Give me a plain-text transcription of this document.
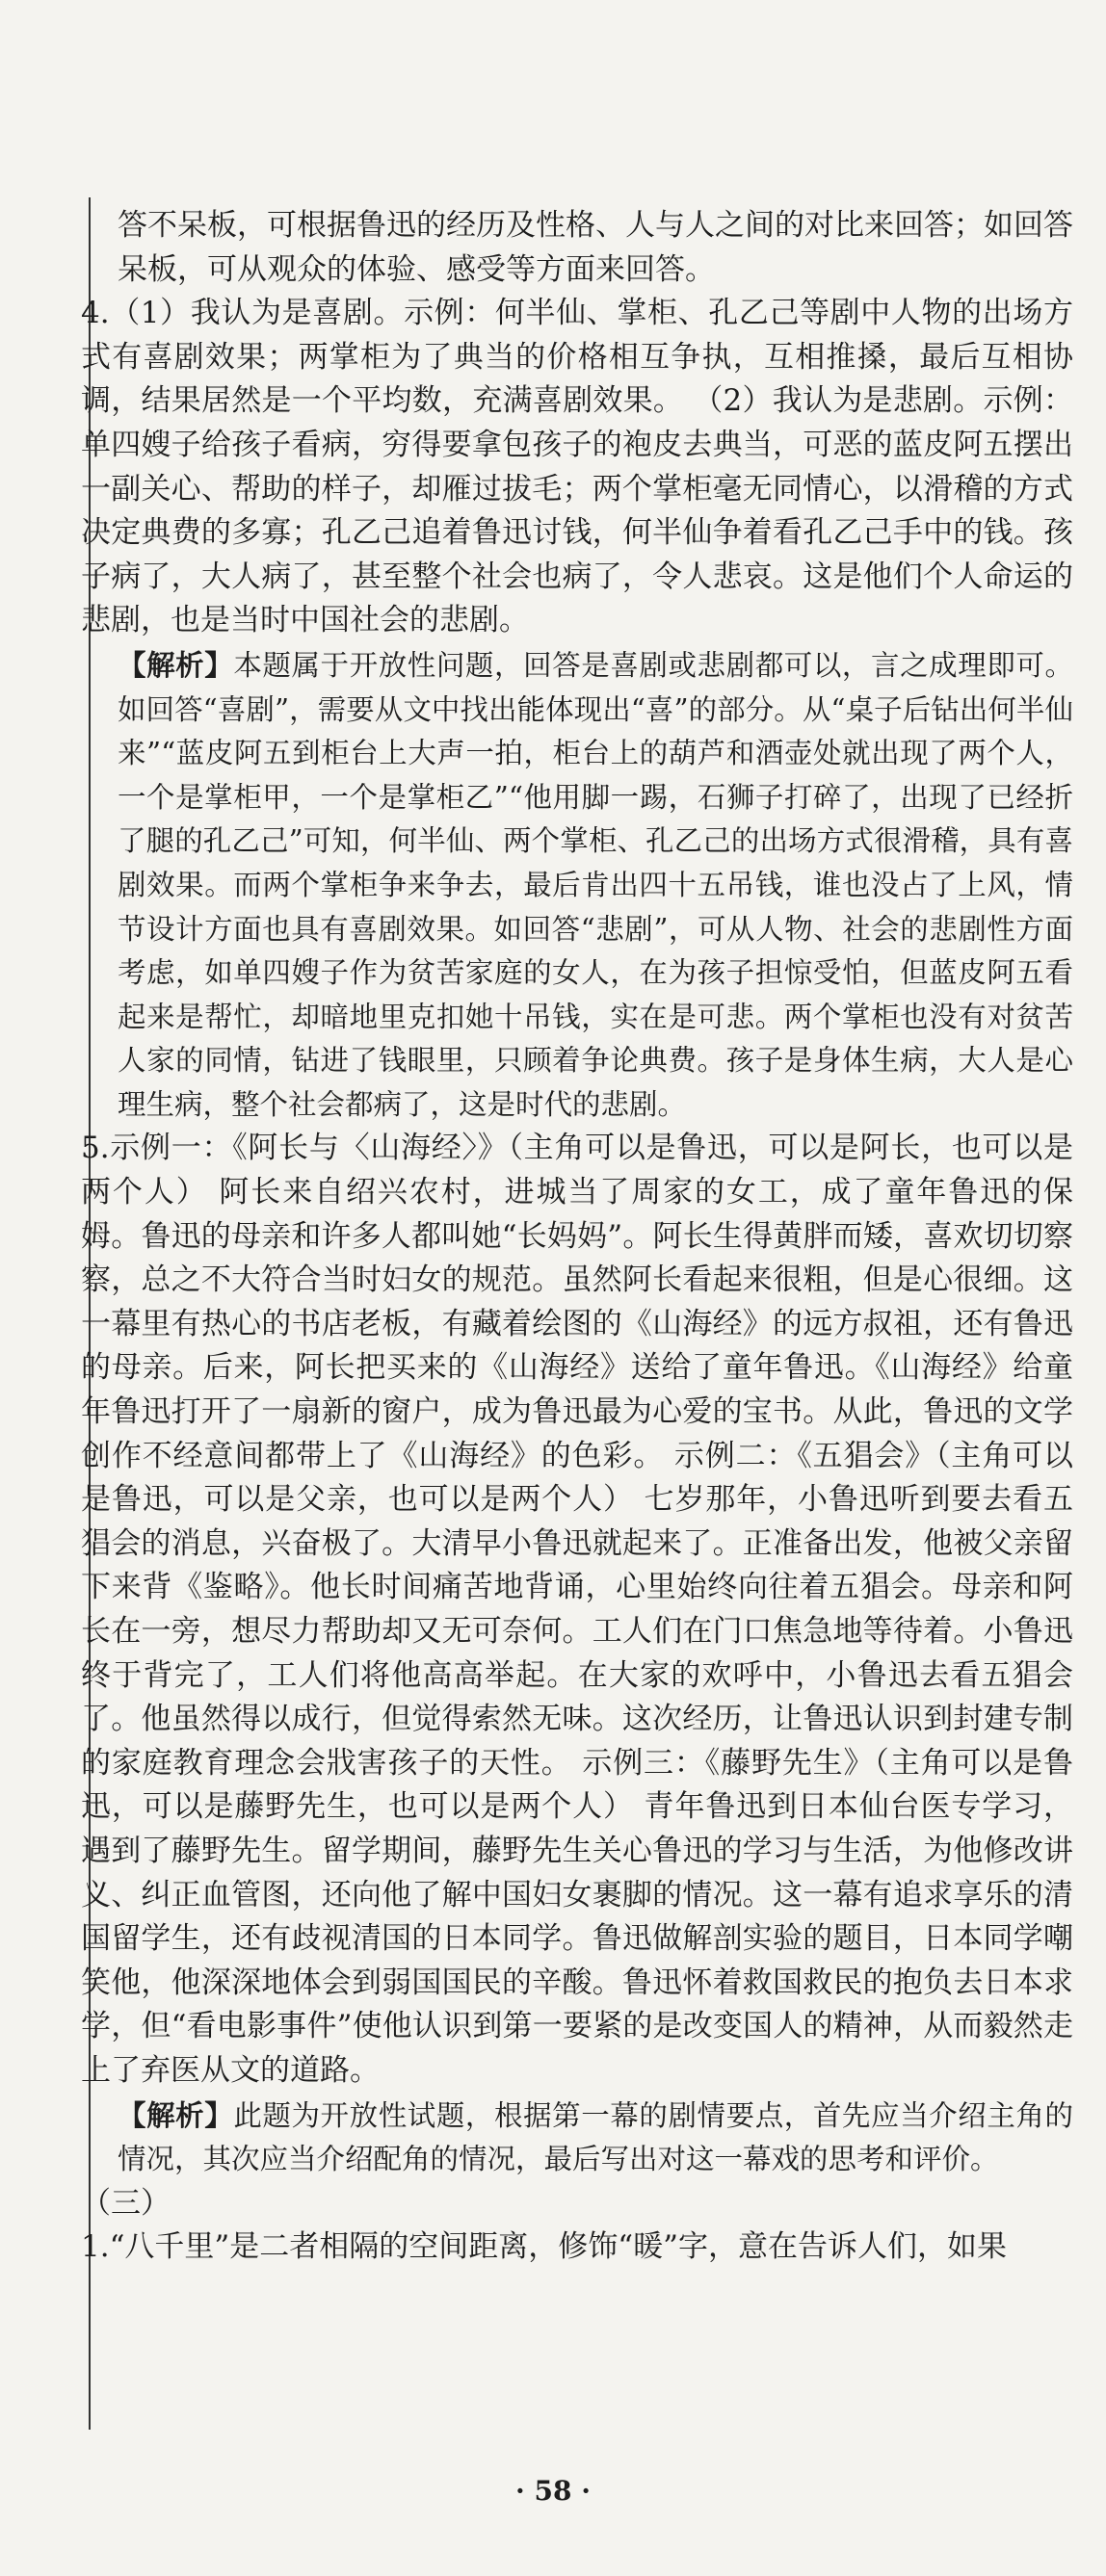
答不呆板，可根据鲁迅的经历及性格、人与人之间的对比来回答；如回答呆板，可从观众的体验、感受等方面来回答。

4.（1）我认为是喜剧。示例：何半仙、掌柜、孔乙己等剧中人物的出场方式有喜剧效果；两掌柜为了典当的价格相互争执，互相推搡，最后互相协调，结果居然是一个平均数，充满喜剧效果。 （2）我认为是悲剧。示例：单四嫂子给孩子看病，穷得要拿包孩子的袍皮去典当，可恶的蓝皮阿五摆出一副关心、帮助的样子，却雁过拔毛；两个掌柜毫无同情心，以滑稽的方式决定典费的多寡；孔乙己追着鲁迅讨钱，何半仙争着看孔乙己手中的钱。孩子病了，大人病了，甚至整个社会也病了，令人悲哀。这是他们个人命运的悲剧，也是当时中国社会的悲剧。

【解析】本题属于开放性问题，回答是喜剧或悲剧都可以，言之成理即可。如回答“喜剧”，需要从文中找出能体现出“喜”的部分。从“桌子后钻出何半仙来”“蓝皮阿五到柜台上大声一拍，柜台上的葫芦和酒壶处就出现了两个人，一个是掌柜甲，一个是掌柜乙”“他用脚一踢，石狮子打碎了，出现了已经折了腿的孔乙己”可知，何半仙、两个掌柜、孔乙己的出场方式很滑稽，具有喜剧效果。而两个掌柜争来争去，最后肯出四十五吊钱，谁也没占了上风，情节设计方面也具有喜剧效果。如回答“悲剧”，可从人物、社会的悲剧性方面考虑，如单四嫂子作为贫苦家庭的女人，在为孩子担惊受怕，但蓝皮阿五看起来是帮忙，却暗地里克扣她十吊钱，实在是可悲。两个掌柜也没有对贫苦人家的同情，钻进了钱眼里，只顾着争论典费。孩子是身体生病，大人是心理生病，整个社会都病了，这是时代的悲剧。

5.示例一：《阿长与〈山海经〉》（主角可以是鲁迅，可以是阿长，也可以是两个人） 阿长来自绍兴农村，进城当了周家的女工，成了童年鲁迅的保姆。鲁迅的母亲和许多人都叫她“长妈妈”。阿长生得黄胖而矮，喜欢切切察察，总之不大符合当时妇女的规范。虽然阿长看起来很粗，但是心很细。这一幕里有热心的书店老板，有藏着绘图的《山海经》的远方叔祖，还有鲁迅的母亲。后来，阿长把买来的《山海经》送给了童年鲁迅。《山海经》给童年鲁迅打开了一扇新的窗户，成为鲁迅最为心爱的宝书。从此，鲁迅的文学创作不经意间都带上了《山海经》的色彩。 示例二：《五猖会》（主角可以是鲁迅，可以是父亲，也可以是两个人） 七岁那年，小鲁迅听到要去看五猖会的消息，兴奋极了。大清早小鲁迅就起来了。正准备出发，他被父亲留下来背《鉴略》。他长时间痛苦地背诵，心里始终向往着五猖会。母亲和阿长在一旁，想尽力帮助却又无可奈何。工人们在门口焦急地等待着。小鲁迅终于背完了，工人们将他高高举起。在大家的欢呼中，小鲁迅去看五猖会了。他虽然得以成行，但觉得索然无味。这次经历，让鲁迅认识到封建专制的家庭教育理念会戕害孩子的天性。 示例三：《藤野先生》（主角可以是鲁迅，可以是藤野先生，也可以是两个人） 青年鲁迅到日本仙台医专学习，遇到了藤野先生。留学期间，藤野先生关心鲁迅的学习与生活，为他修改讲义、纠正血管图，还向他了解中国妇女裹脚的情况。这一幕有追求享乐的清国留学生，还有歧视清国的日本同学。鲁迅做解剖实验的题目，日本同学嘲笑他，他深深地体会到弱国国民的辛酸。鲁迅怀着救国救民的抱负去日本求学，但“看电影事件”使他认识到第一要紧的是改变国人的精神，从而毅然走上了弃医从文的道路。

【解析】此题为开放性试题，根据第一幕的剧情要点，首先应当介绍主角的情况，其次应当介绍配角的情况，最后写出对这一幕戏的思考和评价。

（三）

1.“八千里”是二者相隔的空间距离，修饰“暖”字，意在告诉人们，如果

· 58 ·
